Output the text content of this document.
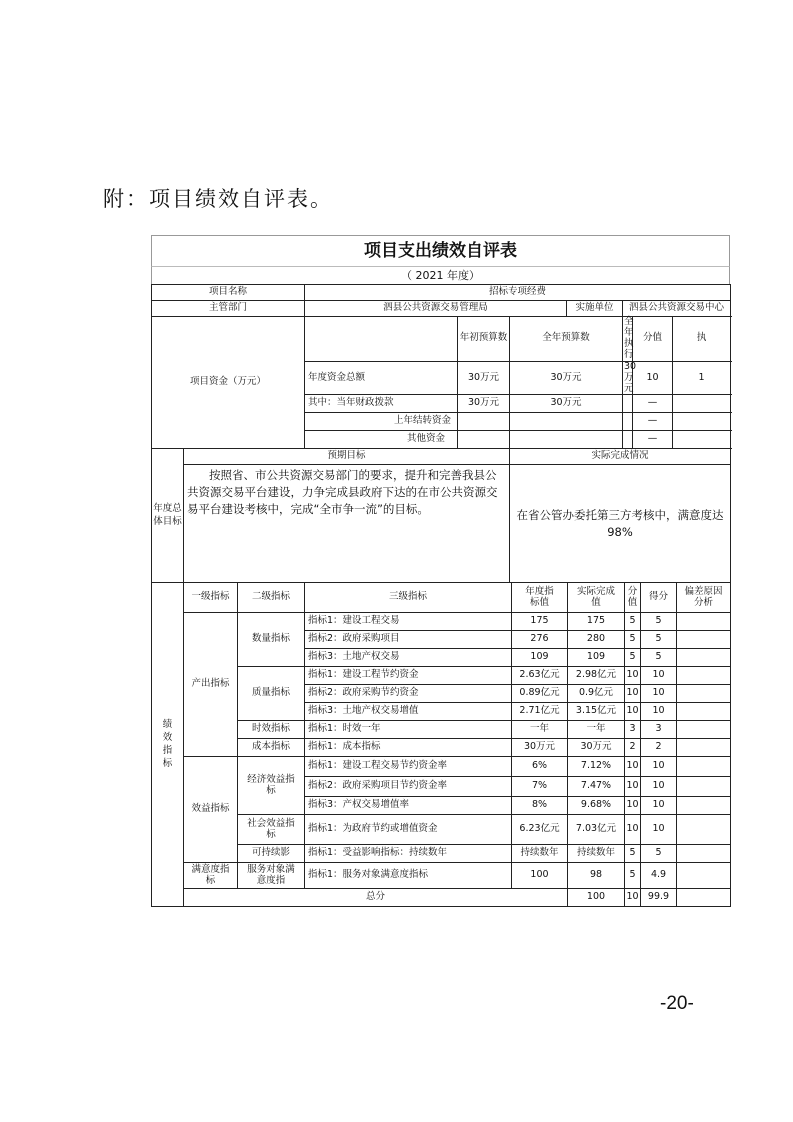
附：项目绩效自评表。
项目支出绩效自评表
（ 2021 年度）
项目名称		招标专项经费							
主管部门		泗县公共资源交易管理局			实施单位	泗县公共资源交易中心			
项目资金（万元）			年初预算数	全年预算数		全年执行	分值	执	
		年度资金总额	30万元	30万元		30万元	10	1	
		其中：当年财政拨款	30万元	30万元			—		
		上年结转资金					—		
		其他资金					—		
年度总体目标	预期目标			实际完成情况					
	按照省、市公共资源交易部门的要求，提升和完善我县公共资源交易平台建设，力争完成县政府下达的在市公共资源交易平台建设考核中，完成“全市争一流”的目标。			在省公管办委托第三方考核中，满意度达98%					
绩效指标	一级指标	二级指标	三级指标	年度指标值	实际完成值	分值	得分	偏差原因分析
	产出指标	数量指标	指标1：建设工程交易	175	175	5	5	
			指标2：政府采购项目	276	280	5	5	
			指标3：土地产权交易	109	109	5	5	
		质量指标	指标1：建设工程节约资金	2.63亿元	2.98亿元	10	10	
			指标2：政府采购节约资金	0.89亿元	0.9亿元	10	10	
			指标3：土地产权交易增值	2.71亿元	3.15亿元	10	10	
		时效指标	指标1：时效一年	一年	一年	3	3	
		成本指标	指标1：成本指标	30万元	30万元	2	2	
	效益指标	经济效益指标	指标1：建设工程交易节约资金率	6%	7.12%	10	10	
			指标2：政府采购项目节约资金率	7%	7.47%	10	10	
			指标3：产权交易增值率	8%	9.68%	10	10	
		社会效益指标	指标1：为政府节约或增值资金	6.23亿元	7.03亿元	10	10	
		可持续影	指标1：受益影响指标：持续数年	持续数年	持续数年	5	5	
	满意度指标	服务对象满意度指	指标1：服务对象满意度指标	100	98	5	4.9	
	总分				100	10	99.9	
-20-
